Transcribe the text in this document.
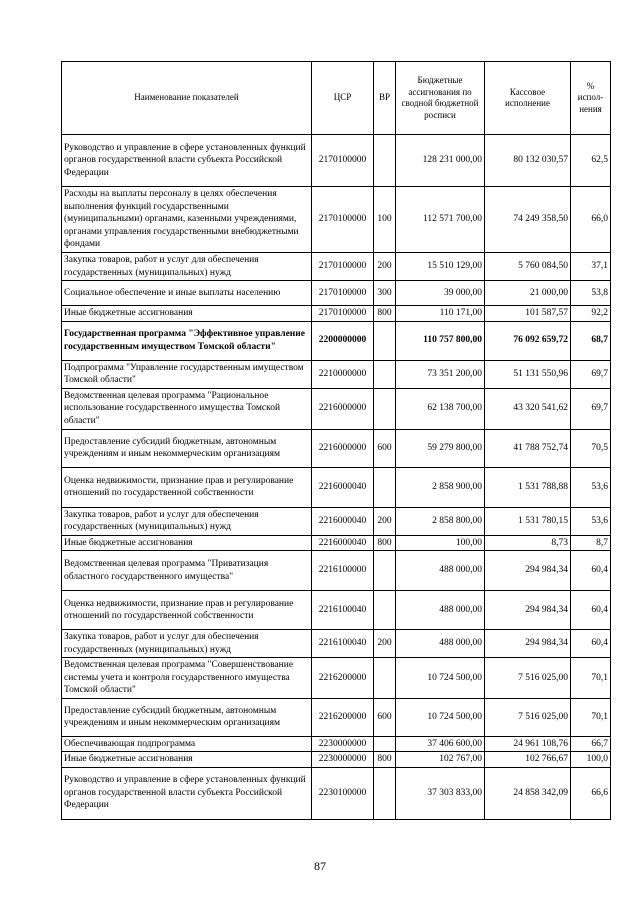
Наименование показателей	ЦСР	ВР	Бюджетные ассигнования по сводной бюджетной росписи	Кассовое исполнение	% испол- нения
Руководство и управление в сфере установленных функций органов государственной власти субъекта Российской Федерации	2170100000		128 231 000,00	80 132 030,57	62,5
Расходы на выплаты персоналу в целях обеспечения выполнения функций государственными (муниципальными) органами, казенными учреждениями, органами управления государственными внебюджетными фондами	2170100000	100	112 571 700,00	74 249 358,50	66,0
Закупка товаров, работ и услуг для обеспечения государственных (муниципальных) нужд	2170100000	200	15 510 129,00	5 760 084,50	37,1
Социальное обеспечение и иные выплаты населению	2170100000	300	39 000,00	21 000,00	53,8
Иные бюджетные ассигнования	2170100000	800	110 171,00	101 587,57	92,2
Государственная программа "Эффективное управление государственным имуществом Томской области"	2200000000		110 757 800,00	76 092 659,72	68,7
Подпрограмма "Управление государственным имуществом Томской области"	2210000000		73 351 200,00	51 131 550,96	69,7
Ведомственная целевая программа "Рациональное использование государственного имущества Томской области"	2216000000		62 138 700,00	43 320 541,62	69,7
Предоставление субсидий бюджетным, автономным учреждениям и иным некоммерческим организациям	2216000000	600	59 279 800,00	41 788 752,74	70,5
Оценка недвижимости, признание прав и регулирование отношений по государственной собственности	2216000040		2 858 900,00	1 531 788,88	53,6
Закупка товаров, работ и услуг для обеспечения государственных (муниципальных) нужд	2216000040	200	2 858 800,00	1 531 780,15	53,6
Иные бюджетные ассигнования	2216000040	800	100,00	8,73	8,7
Ведомственная целевая программа "Приватизация областного государственного имущества"	2216100000		488 000,00	294 984,34	60,4
Оценка недвижимости, признание прав и регулирование отношений по государственной собственности	2216100040		488 000,00	294 984,34	60,4
Закупка товаров, работ и услуг для обеспечения государственных (муниципальных) нужд	2216100040	200	488 000,00	294 984,34	60,4
Ведомственная целевая программа "Совершенствование системы учета и контроля государственного имущества Томской области"	2216200000		10 724 500,00	7 516 025,00	70,1
Предоставление субсидий бюджетным, автономным учреждениям и иным некоммерческим организациям	2216200000	600	10 724 500,00	7 516 025,00	70,1
Обеспечивающая подпрограмма	2230000000		37 406 600,00	24 961 108,76	66,7
Иные бюджетные ассигнования	2230000000	800	102 767,00	102 766,67	100,0
Руководство и управление в сфере установленных функций органов государственной власти субъекта Российской Федерации	2230100000		37 303 833,00	24 858 342,09	66,6
87
